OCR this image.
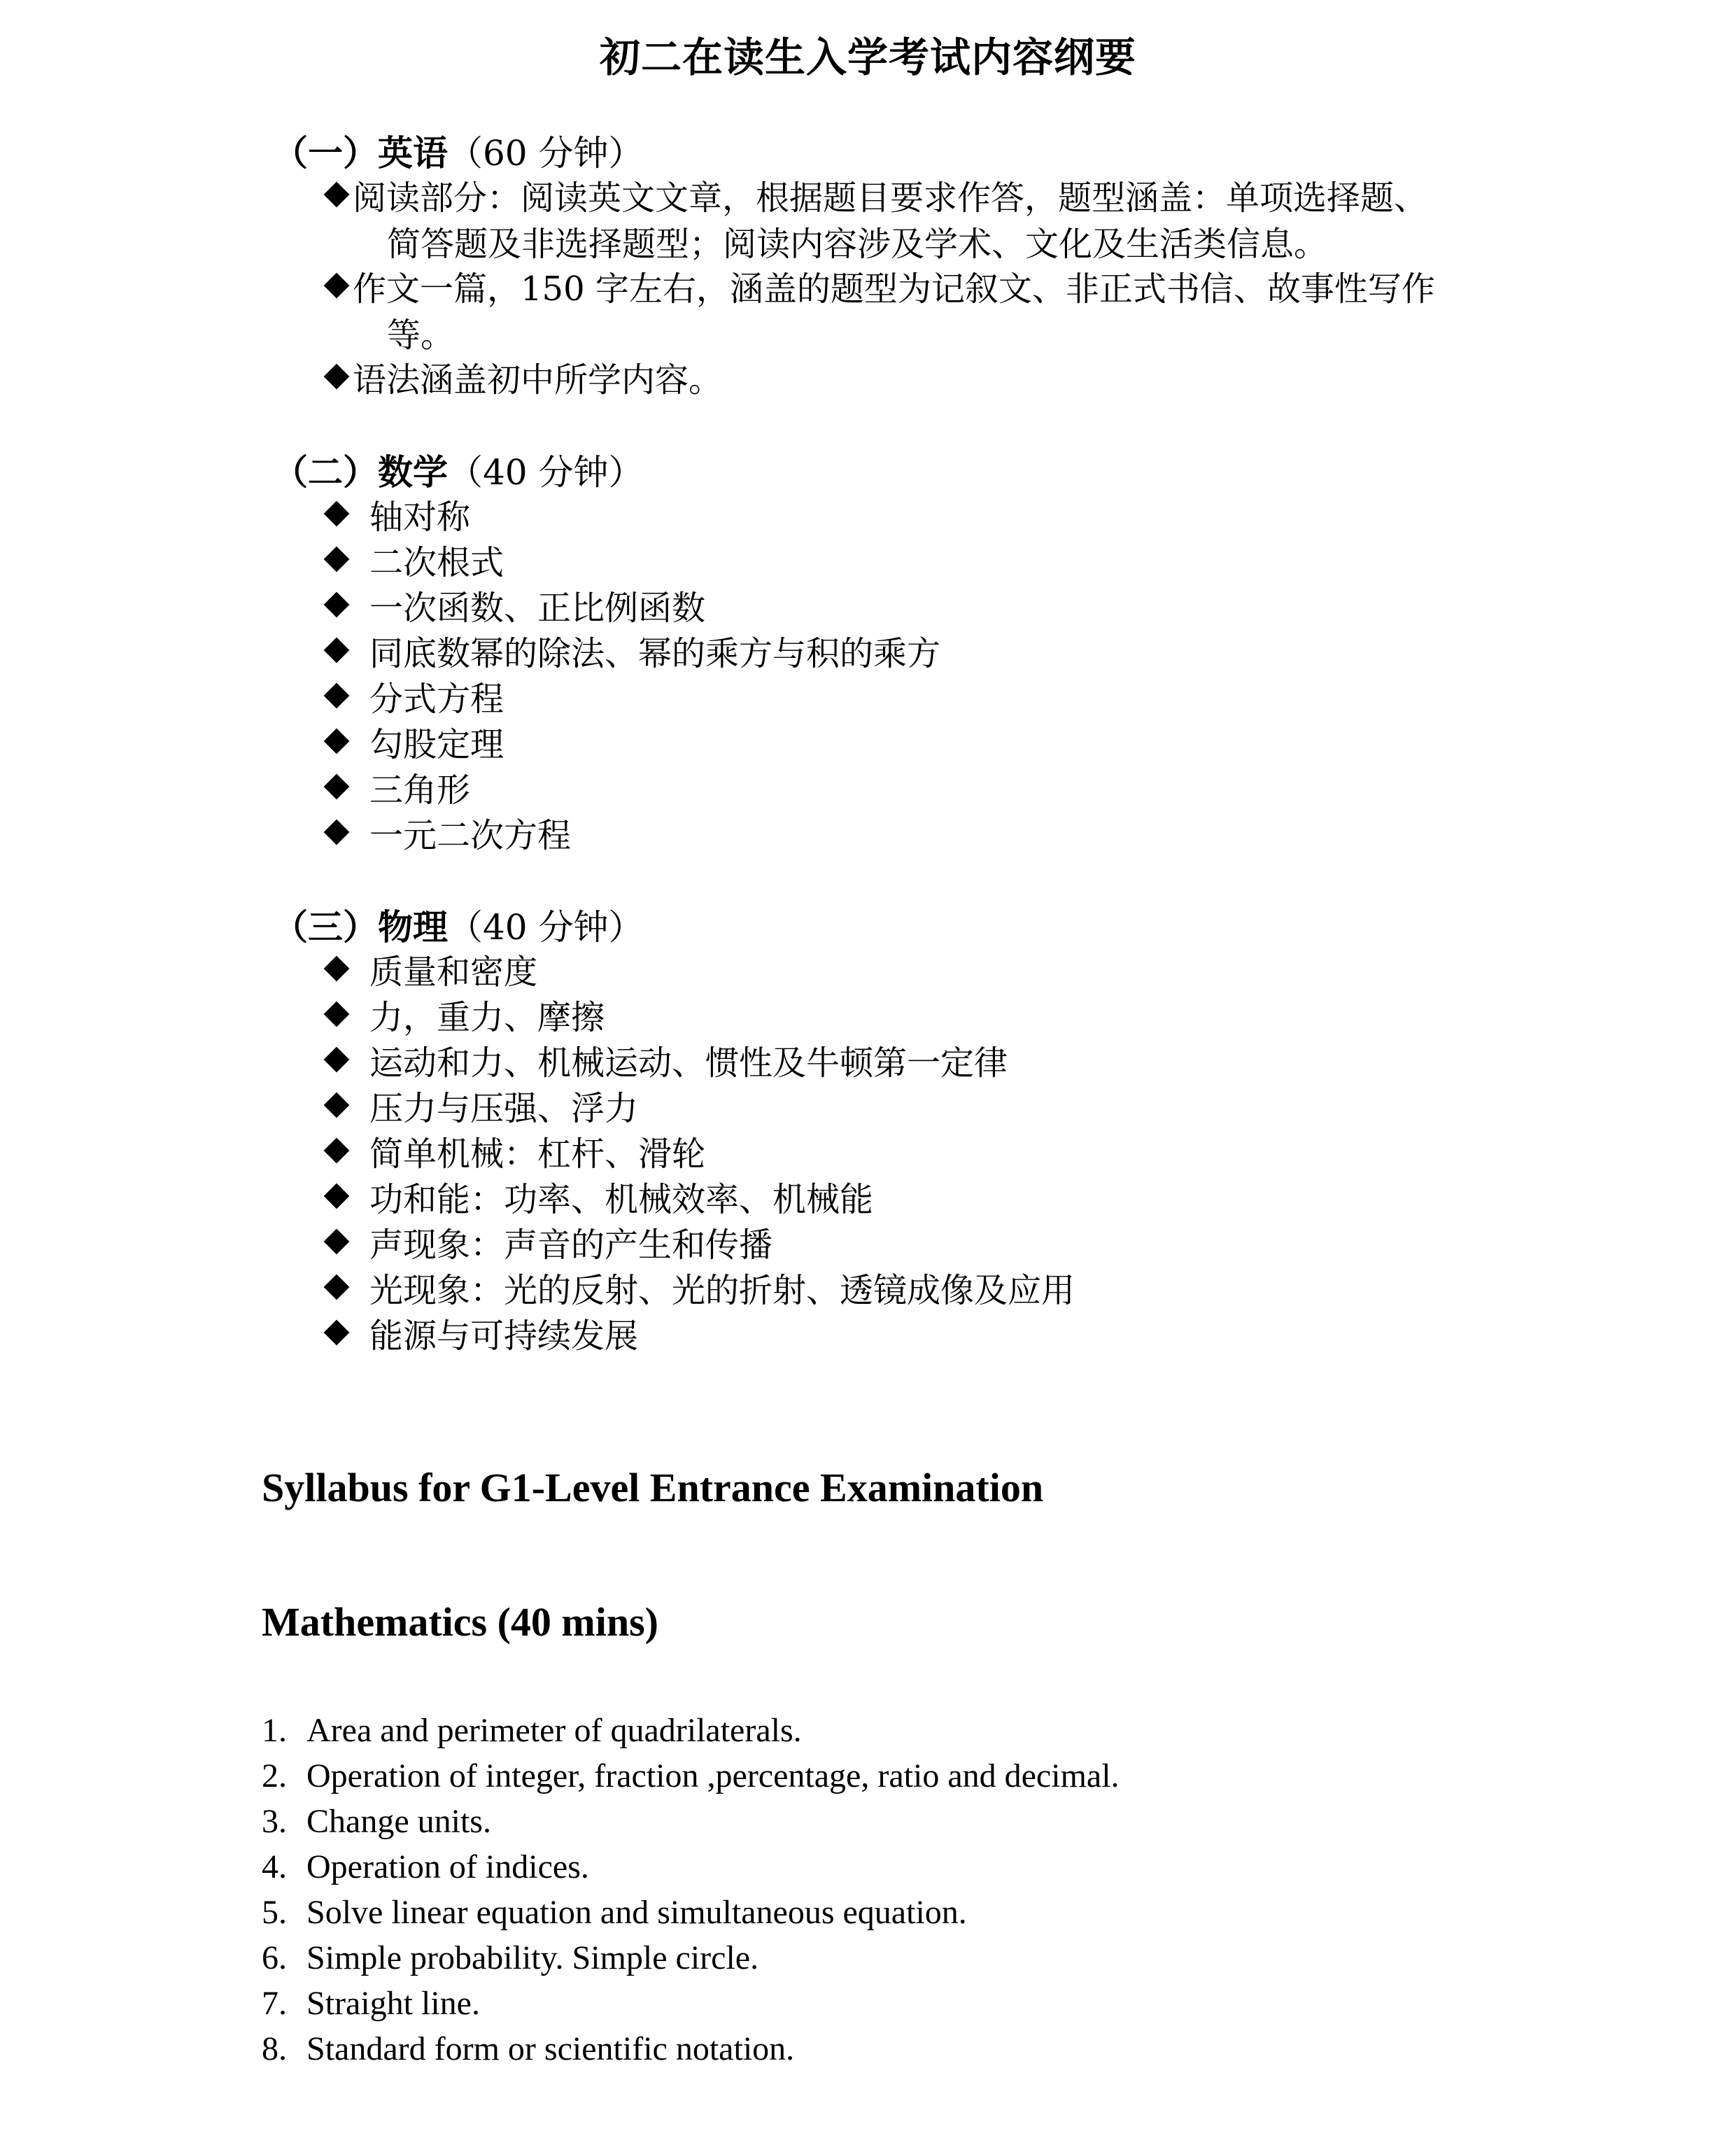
初二在读生入学考试内容纲要
（一）英语（60 分钟）
阅读部分：阅读英文文章，根据题目要求作答，题型涵盖：单项选择题、
简答题及非选择题型；阅读内容涉及学术、文化及生活类信息。
作文一篇，150 字左右，涵盖的题型为记叙文、非正式书信、故事性写作
等。
语法涵盖初中所学内容。
（二）数学（40 分钟）
轴对称
二次根式
一次函数、正比例函数
同底数幂的除法、幂的乘方与积的乘方
分式方程
勾股定理
三角形
一元二次方程
（三）物理（40 分钟）
质量和密度
力，重力、摩擦
运动和力、机械运动、惯性及牛顿第一定律
压力与压强、浮力
简单机械：杠杆、滑轮
功和能：功率、机械效率、机械能
声现象：声音的产生和传播
光现象：光的反射、光的折射、透镜成像及应用
能源与可持续发展
Syllabus for G1-Level Entrance Examination
Mathematics (40 mins)
1. Area and perimeter of quadrilaterals.
2. Operation of integer, fraction ,percentage, ratio and decimal.
3. Change units.
4. Operation of indices.
5. Solve linear equation and simultaneous equation.
6. Simple probability. Simple circle.
7. Straight line.
8. Standard form or scientific notation.
